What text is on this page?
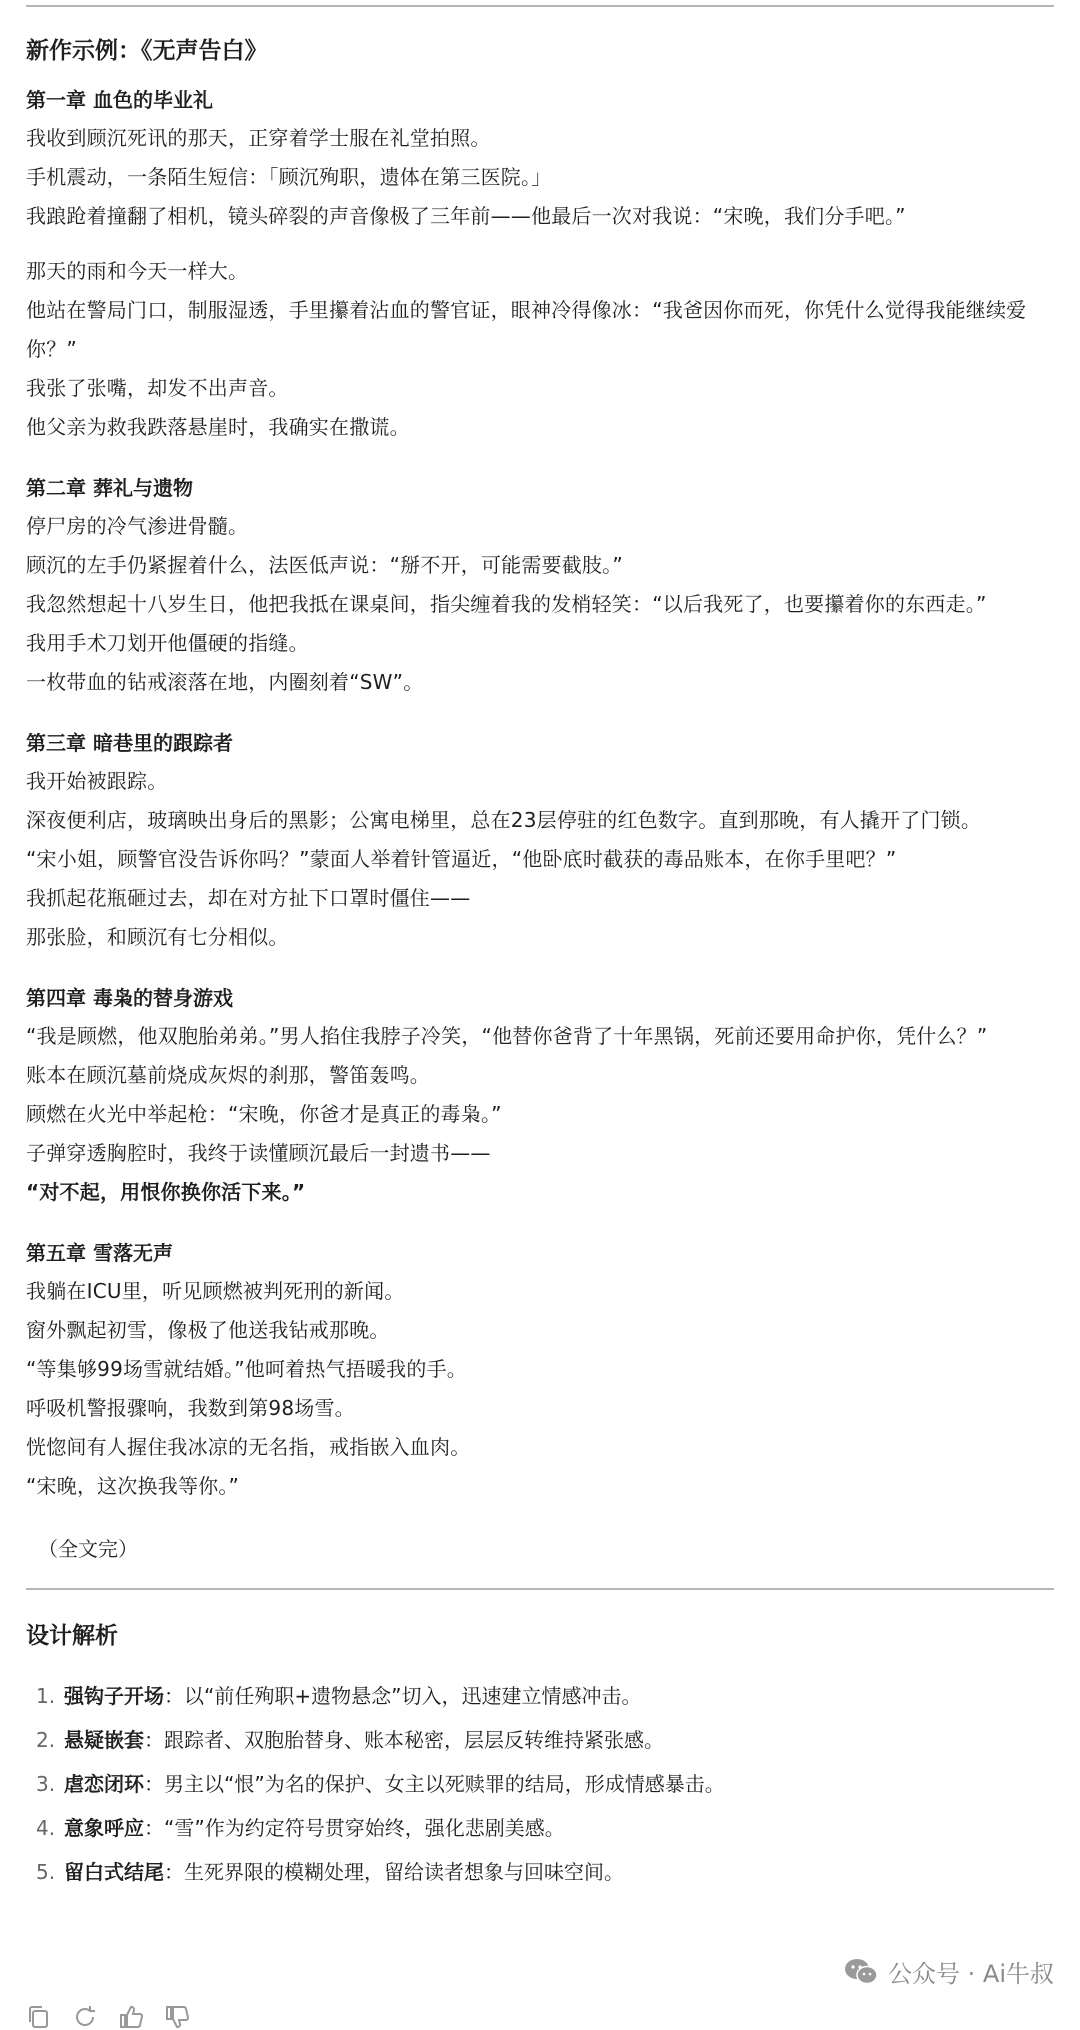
新作示例：《无声告白》
第一章 血色的毕业礼

我收到顾沉死讯的那天，正穿着学士服在礼堂拍照。

手机震动，一条陌生短信：「顾沉殉职，遗体在第三医院。」

我踉跄着撞翻了相机，镜头碎裂的声音像极了三年前——他最后一次对我说：“宋晚，我们分手吧。”

那天的雨和今天一样大。

他站在警局门口，制服湿透，手里攥着沾血的警官证，眼神冷得像冰：“我爸因你而死，你凭什么觉得我能继续爱你？”

我张了张嘴，却发不出声音。

他父亲为救我跌落悬崖时，我确实在撒谎。

第二章 葬礼与遗物

停尸房的冷气渗进骨髓。

顾沉的左手仍紧握着什么，法医低声说：“掰不开，可能需要截肢。”

我忽然想起十八岁生日，他把我抵在课桌间，指尖缠着我的发梢轻笑：“以后我死了，也要攥着你的东西走。”

我用手术刀划开他僵硬的指缝。

一枚带血的钻戒滚落在地，内圈刻着“SW”。

第三章 暗巷里的跟踪者

我开始被跟踪。

深夜便利店，玻璃映出身后的黑影；公寓电梯里，总在23层停驻的红色数字。直到那晚，有人撬开了门锁。

“宋小姐，顾警官没告诉你吗？”蒙面人举着针管逼近，“他卧底时截获的毒品账本，在你手里吧？”

我抓起花瓶砸过去，却在对方扯下口罩时僵住——

那张脸，和顾沉有七分相似。

第四章 毒枭的替身游戏

“我是顾燃，他双胞胎弟弟。”男人掐住我脖子冷笑，“他替你爸背了十年黑锅，死前还要用命护你，凭什么？”

账本在顾沉墓前烧成灰烬的刹那，警笛轰鸣。

顾燃在火光中举起枪：“宋晚，你爸才是真正的毒枭。”

子弹穿透胸腔时，我终于读懂顾沉最后一封遗书——

“对不起，用恨你换你活下来。”

第五章 雪落无声

我躺在ICU里，听见顾燃被判死刑的新闻。

窗外飘起初雪，像极了他送我钻戒那晚。

“等集够99场雪就结婚。”他呵着热气捂暖我的手。

呼吸机警报骤响，我数到第98场雪。

恍惚间有人握住我冰凉的无名指，戒指嵌入血肉。

“宋晚，这次换我等你。”

（全文完）

设计解析
1. 强钩子开场：以“前任殉职+遗物悬念”切入，迅速建立情感冲击。
2. 悬疑嵌套：跟踪者、双胞胎替身、账本秘密，层层反转维持紧张感。
3. 虐恋闭环：男主以“恨”为名的保护、女主以死赎罪的结局，形成情感暴击。
4. 意象呼应：“雪”作为约定符号贯穿始终，强化悲剧美感。
5. 留白式结尾：生死界限的模糊处理，留给读者想象与回味空间。
公众号 · Ai牛叔
